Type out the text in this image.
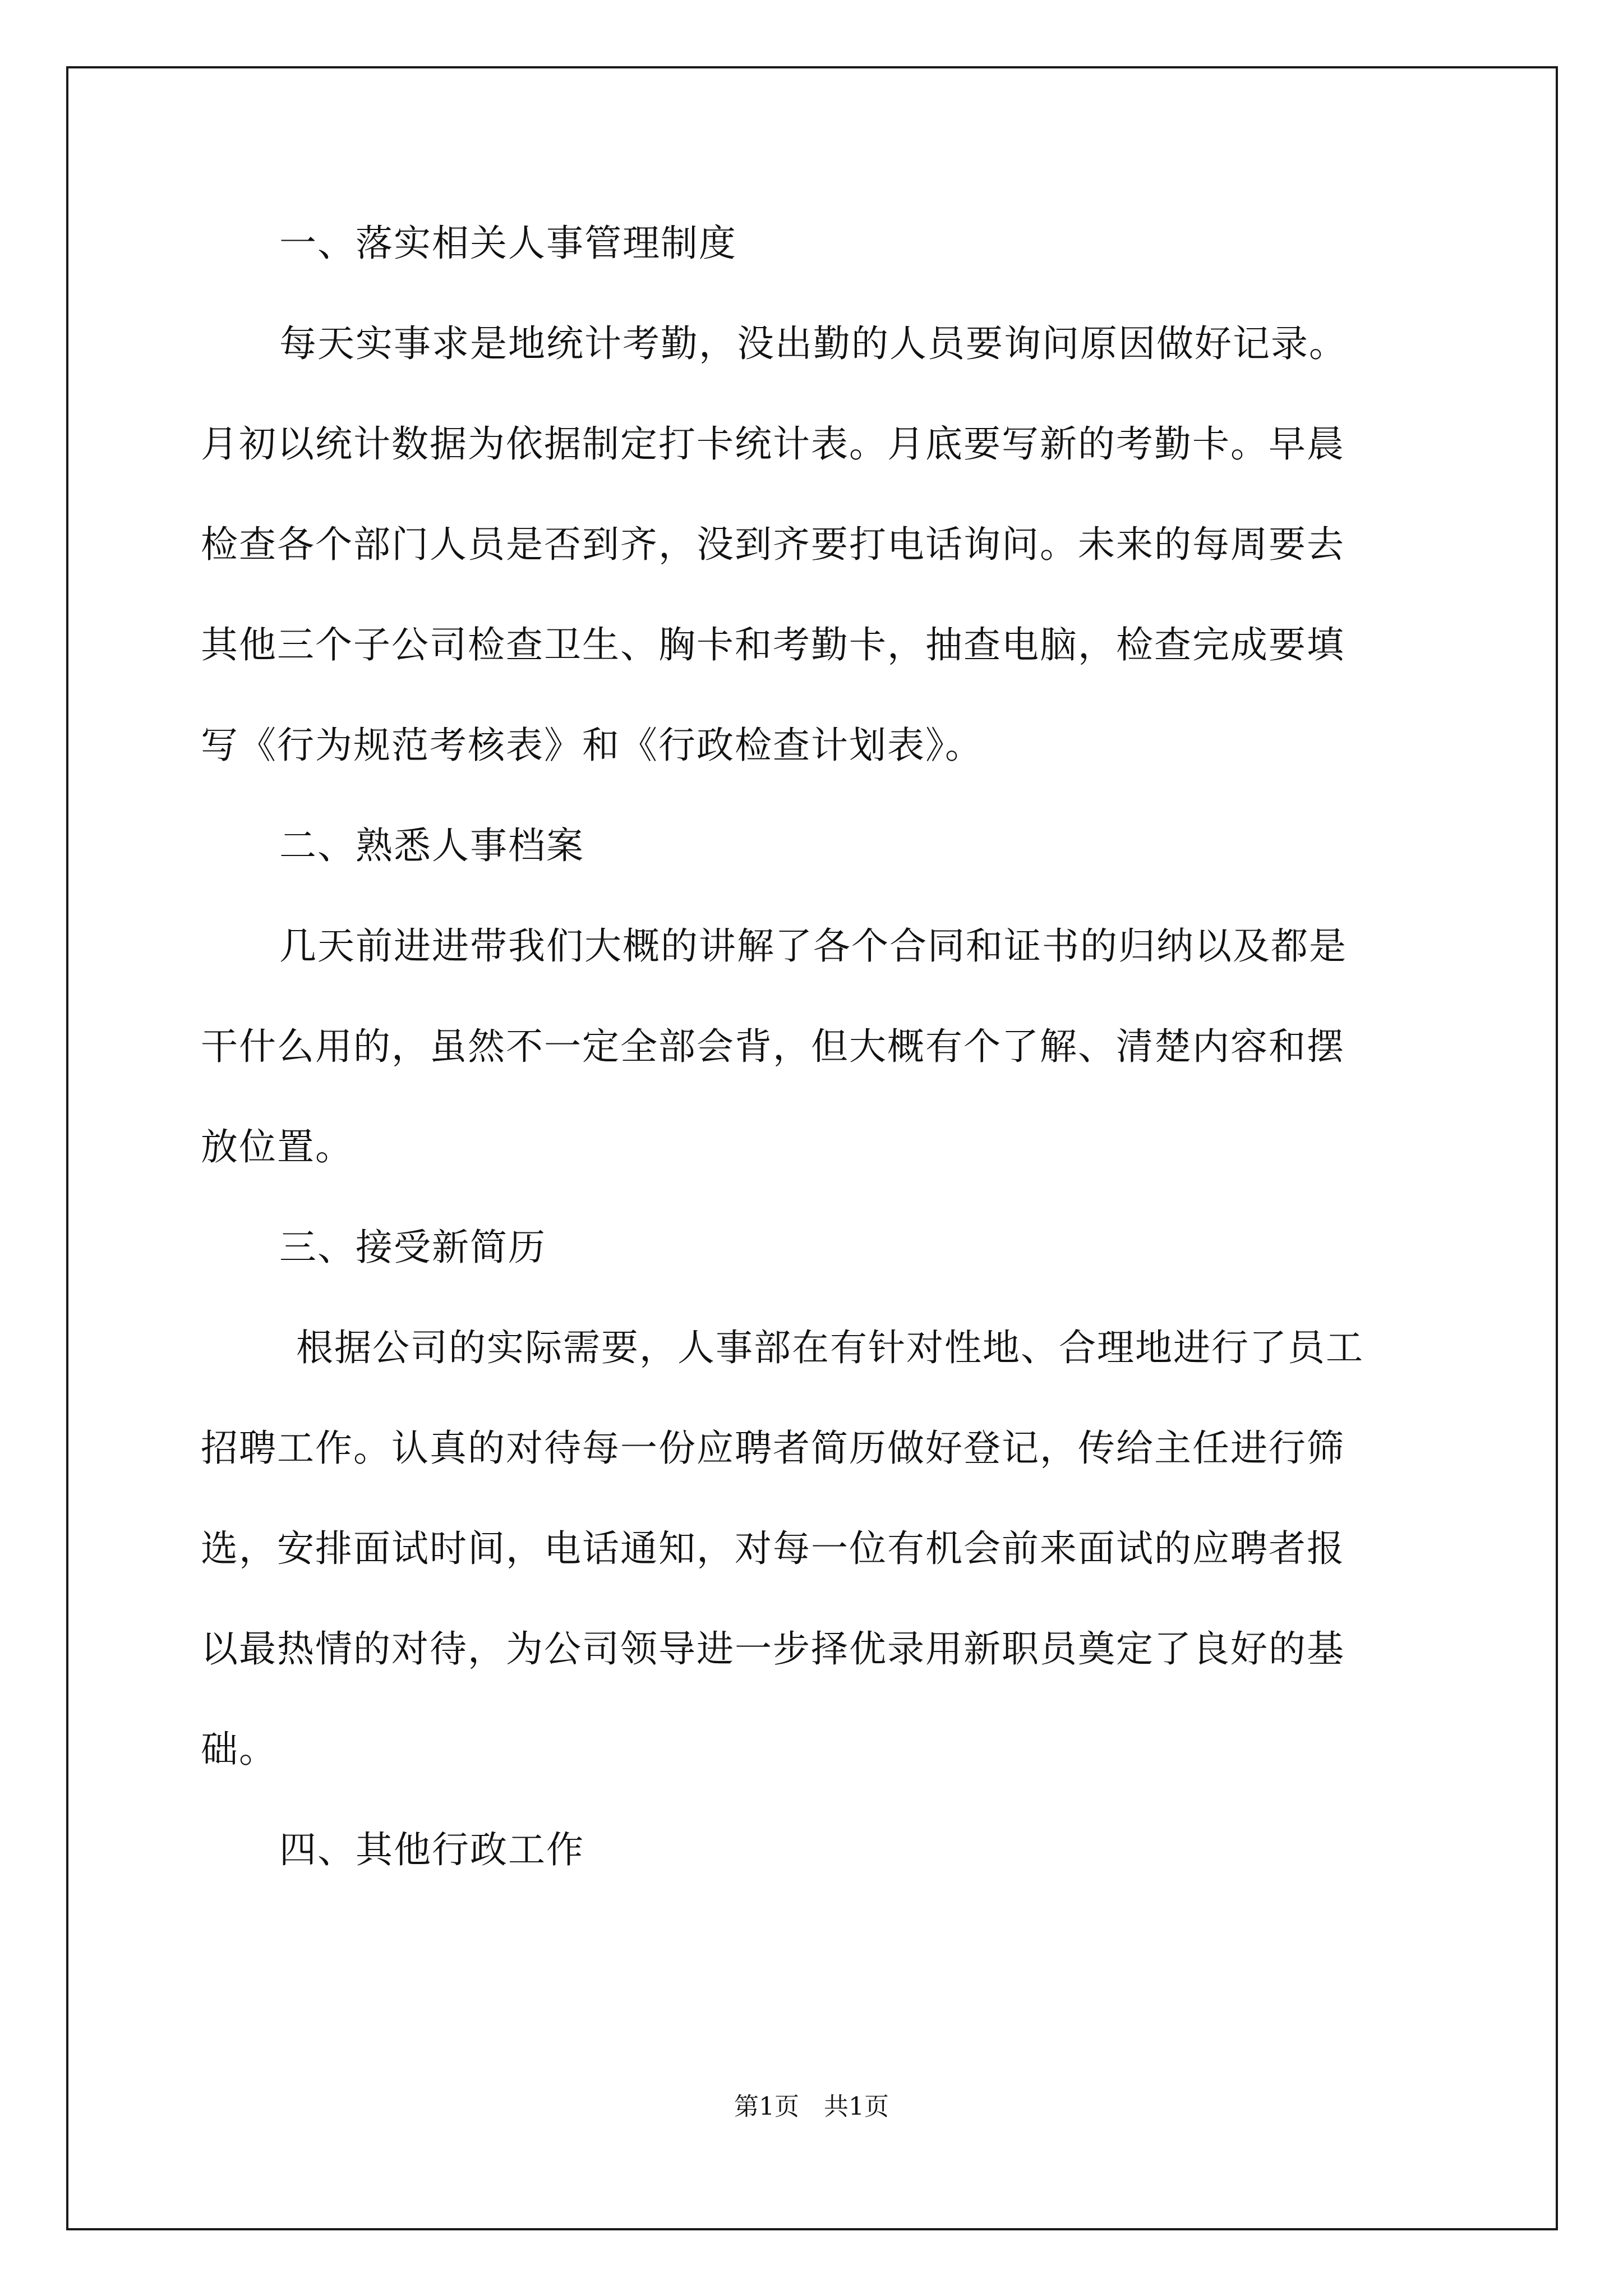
一、落实相关人事管理制度
每天实事求是地统计考勤，没出勤的人员要询问原因做好记录。
月初以统计数据为依据制定打卡统计表。月底要写新的考勤卡。早晨
检查各个部门人员是否到齐，没到齐要打电话询问。未来的每周要去
其他三个子公司检查卫生、胸卡和考勤卡，抽查电脑，检查完成要填
写《行为规范考核表》和《行政检查计划表》。
二、熟悉人事档案
几天前进进带我们大概的讲解了各个合同和证书的归纳以及都是
干什么用的，虽然不一定全部会背，但大概有个了解、清楚内容和摆
放位置。
三、接受新简历
根据公司的实际需要，人事部在有针对性地、合理地进行了员工
招聘工作。认真的对待每一份应聘者简历做好登记，传给主任进行筛
选，安排面试时间，电话通知，对每一位有机会前来面试的应聘者报
以最热情的对待，为公司领导进一步择优录用新职员奠定了良好的基
础。
四、其他行政工作
第1页　共1页
